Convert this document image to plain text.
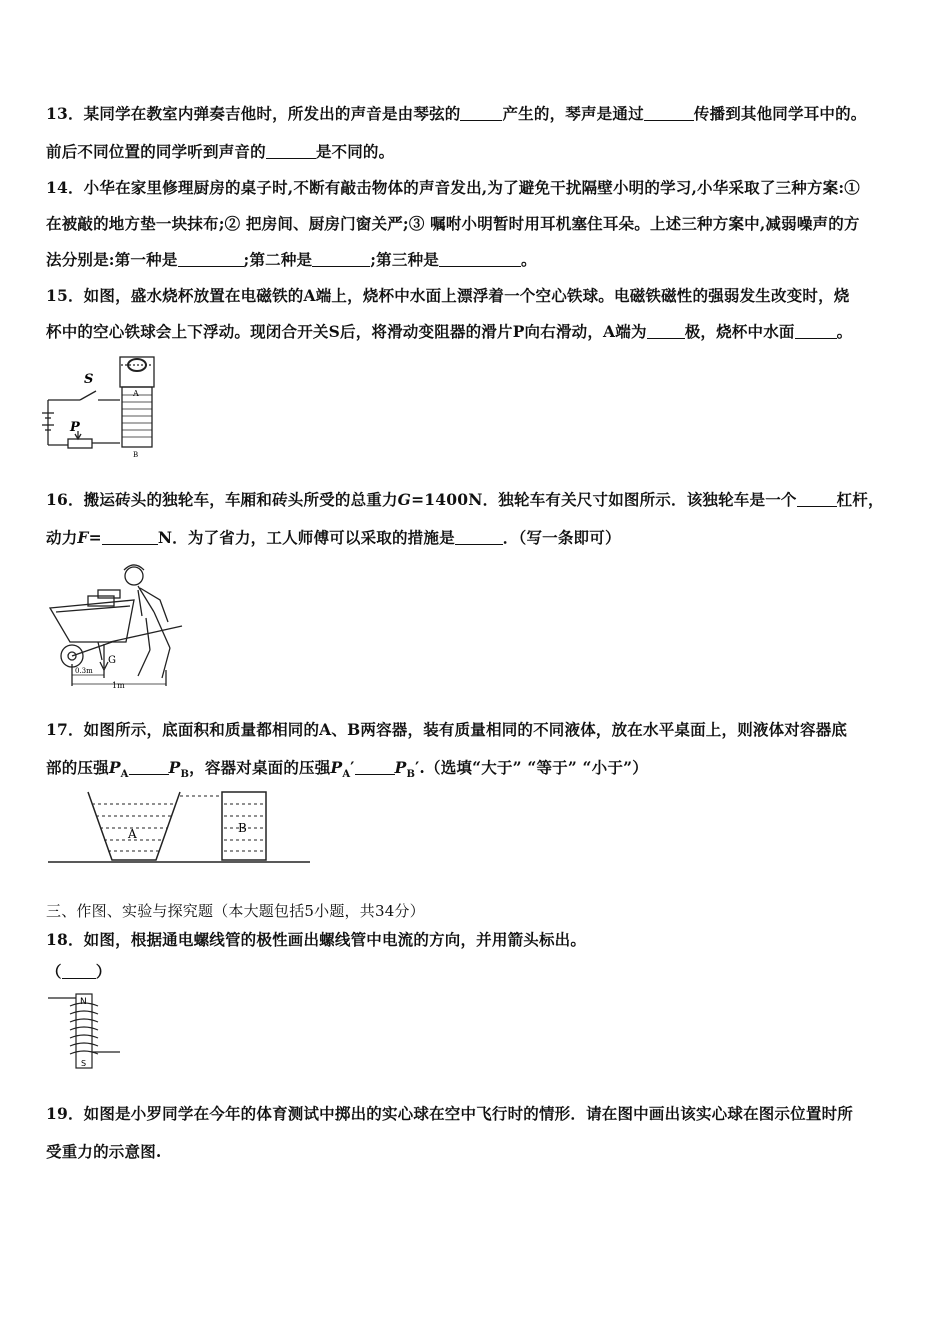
13．某同学在教室内弹奏吉他时，所发出的声音是由琴弦的	产生的，琴声是通过	传播到其他同学耳中的。
前后不同位置的同学听到声音的	是不同的。
14．小华在家里修理厨房的桌子时,不断有敲击物体的声音发出,为了避免干扰隔壁小明的学习,小华采取了三种方案:①
在被敲的地方垫一块抹布;② 把房间、厨房门窗关严;③ 嘱咐小明暂时用耳机塞住耳朵。上述三种方案中,减弱噪声的方
法分别是:第一种是	;第二种是	;第三种是	。
15．如图，盛水烧杯放置在电磁铁的A端上，烧杯中水面上漂浮着一个空心铁球。电磁铁磁性的强弱发生改变时，烧
杯中的空心铁球会上下浮动。现闭合开关S后，将滑动变阻器的滑片P向右滑动，A端为 极，烧杯中水面	。
S
P
A
B
16．搬运砖头的独轮车，车厢和砖头所受的总重力G=1400N．独轮车有关尺寸如图所示．该独轮车是一个	杠杆，
动力F=	N．为了省力，工人师傅可以采取的措施是	．（写一条即可）
G
0.3m
1m
17．如图所示，底面积和质量都相同的A、B两容器，装有质量相同的不同液体，放在水平桌面上，则液体对容器底
部的压强$P_A$	$P_B$，容器对桌面的压强$P_A'$	$P_B'$.（选填“大于” “等于” “小于”）
A	B
三、作图、实验与探究题（本大题包括5小题，共34分）
18．如图，根据通电螺线管的极性画出螺线管中电流的方向，并用箭头标出。
（ ）
N
S
19．如图是小罗同学在今年的体育测试中掷出的实心球在空中飞行时的情形．请在图中画出该实心球在图示位置时所
受重力的示意图.
